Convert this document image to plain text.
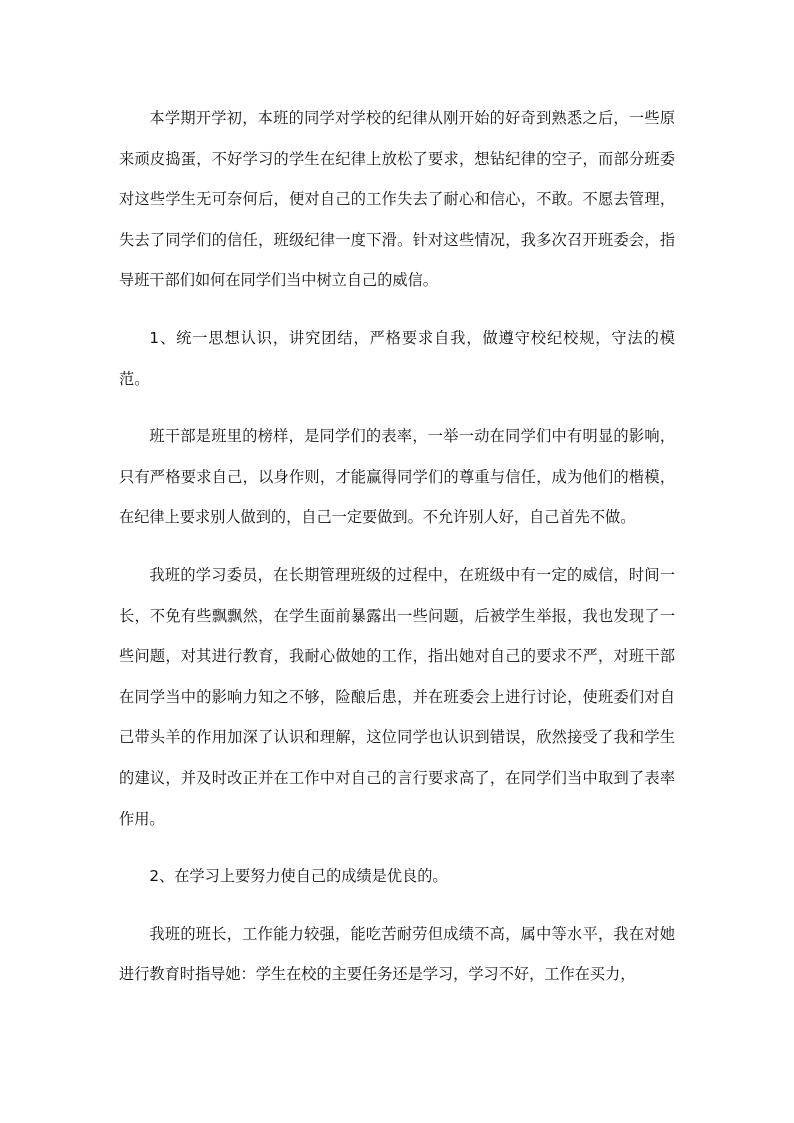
本学期开学初，本班的同学对学校的纪律从刚开始的好奇到熟悉之后，一些原来顽皮捣蛋，不好学习的学生在纪律上放松了要求，想钻纪律的空子，而部分班委对这些学生无可奈何后，便对自己的工作失去了耐心和信心，不敢。不愿去管理，失去了同学们的信任，班级纪律一度下滑。针对这些情况，我多次召开班委会，指导班干部们如何在同学们当中树立自己的威信。

1、统一思想认识，讲究团结，严格要求自我，做遵守校纪校规，守法的模范。

班干部是班里的榜样，是同学们的表率，一举一动在同学们中有明显的影响，只有严格要求自己，以身作则，才能赢得同学们的尊重与信任，成为他们的楷模，在纪律上要求别人做到的，自己一定要做到。不允许别人好，自己首先不做。

我班的学习委员，在长期管理班级的过程中，在班级中有一定的威信，时间一长，不免有些飘飘然，在学生面前暴露出一些问题，后被学生举报，我也发现了一些问题，对其进行教育，我耐心做她的工作，指出她对自己的要求不严，对班干部在同学当中的影响力知之不够，险酿后患，并在班委会上进行讨论，使班委们对自己带头羊的作用加深了认识和理解，这位同学也认识到错误，欣然接受了我和学生的建议，并及时改正并在工作中对自己的言行要求高了，在同学们当中取到了表率作用。

2、在学习上要努力使自己的成绩是优良的。

我班的班长，工作能力较强，能吃苦耐劳但成绩不高，属中等水平，我在对她进行教育时指导她：学生在校的主要任务还是学习，学习不好，工作在买力，
